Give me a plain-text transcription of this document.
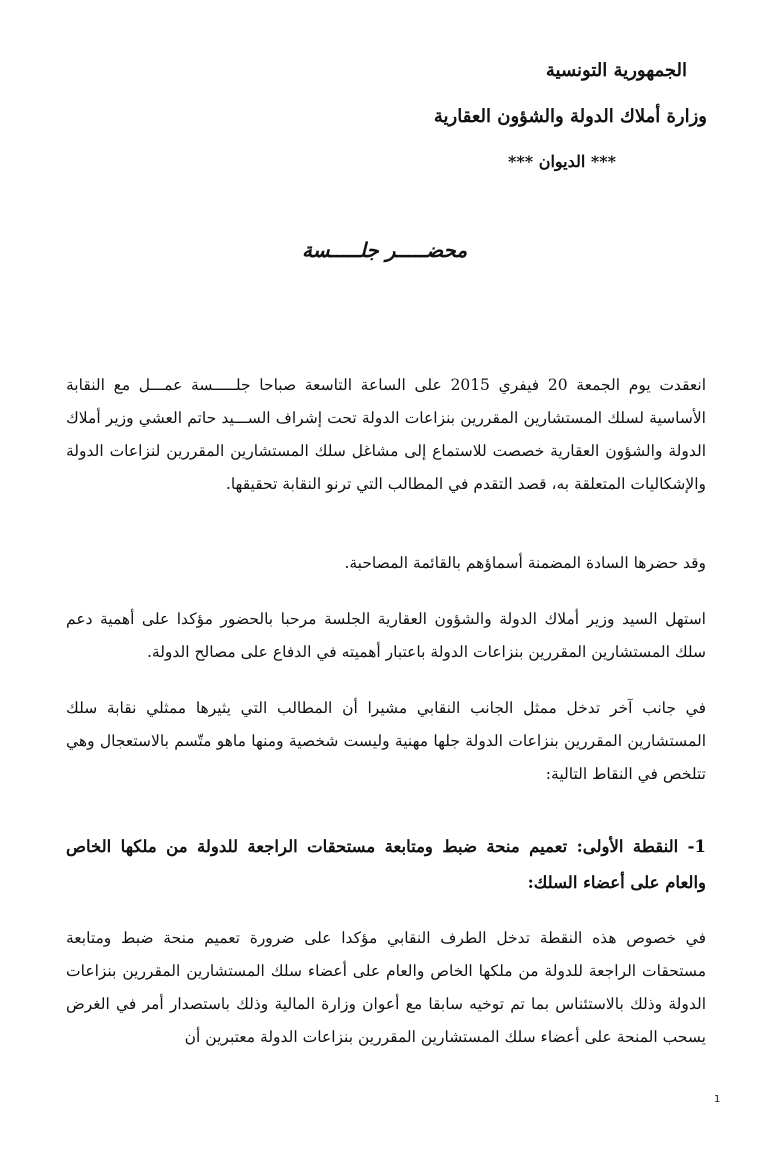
الجمهورية التونسية
وزارة أملاك الدولة والشؤون العقارية
*** الديوان ***
محضـــــر جلـــــسة

انعقدت يوم الجمعة 20 فيفري 2015 على الساعة التاسعة صباحا جلـــــسة عمـــل مع النقابة الأساسية لسلك المستشارين المقررين بنزاعات الدولة تحت إشراف الســـيد حاتم العشي وزير أملاك الدولة والشؤون العقارية خصصت للاستماع إلى مشاغل سلك المستشارين المقررين لنزاعات الدولة والإشكاليات المتعلقة به، قصد التقدم في المطالب التي ترنو النقابة تحقيقها.

وقد حضرها السادة المضمنة أسماؤهم بالقائمة المصاحبة.

استهل السيد وزير أملاك الدولة والشؤون العقارية الجلسة مرحبا بالحضور مؤكدا على أهمية دعم سلك المستشارين المقررين بنزاعات الدولة باعتبار أهميته في الدفاع على مصالح الدولة.

في جانب آخر تدخل ممثل الجانب النقابي مشيرا أن المطالب التي يثيرها ممثلي نقابة سلك المستشارين المقررين بنزاعات الدولة جلها مهنية وليست شخصية ومنها ماهو متّسم بالاستعجال وهي تتلخص في النقاط التالية:

1- النقطة الأولى: تعميم منحة ضبط ومتابعة مستحقات الراجعة للدولة من ملكها الخاص والعام على أعضاء السلك:

في خصوص هذه النقطة تدخل الطرف النقابي مؤكدا على ضرورة تعميم منحة ضبط ومتابعة مستحقات الراجعة للدولة من ملكها الخاص والعام على أعضاء سلك المستشارين المقررين بنزاعات الدولة وذلك بالاستئناس بما تم توخيه سابقا مع أعوان وزارة المالية وذلك باستصدار أمر في الغرض يسحب المنحة على أعضاء سلك المستشارين المقررين بنزاعات الدولة معتبرين أن

1
